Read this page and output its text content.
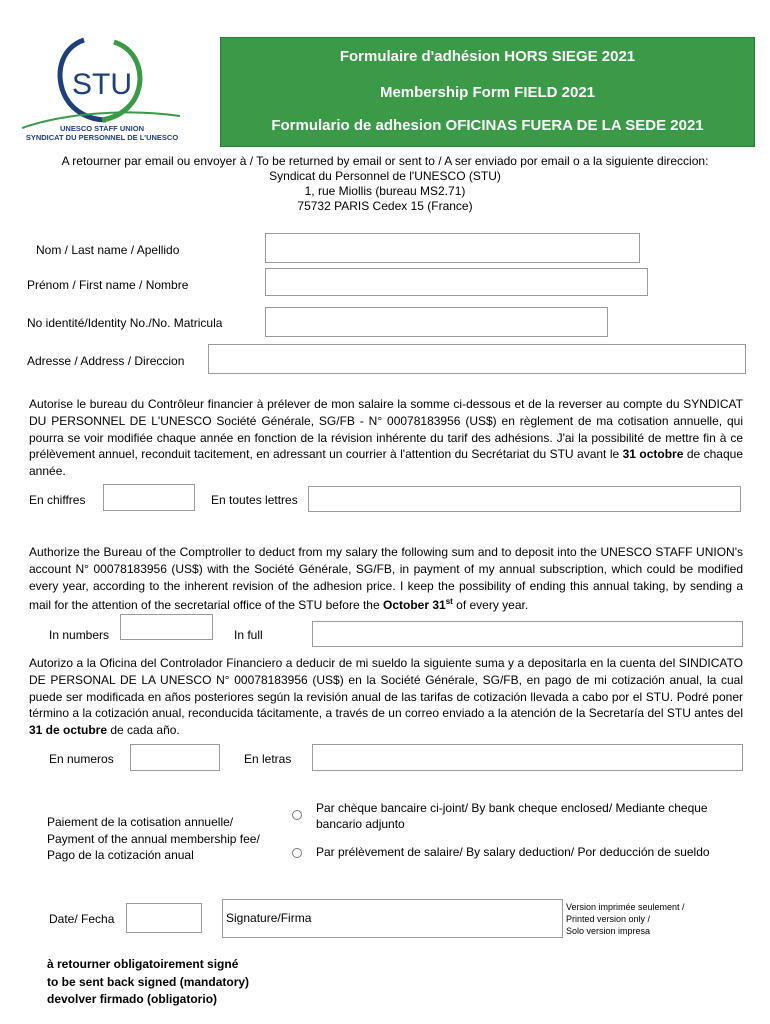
STU
UNESCO STAFF UNION
SYNDICAT DU PERSONNEL DE L'UNESCO
Formulaire d'adhésion HORS SIEGE 2021
Membership Form FIELD 2021
Formulario de adhesion OFICINAS FUERA DE LA SEDE 2021
A retourner par email ou envoyer à / To be returned by email or sent to / A ser enviado por email o a la siguiente direccion:
Syndicat du Personnel de l'UNESCO (STU)
1, rue Miollis (bureau MS2.71)
75732 PARIS Cedex 15 (France)
Nom / Last name / Apellido
Prénom / First name / Nombre
No identité/Identity No./No. Matricula
Adresse / Address / Direccion
Autorise le bureau du Contrôleur financier à prélever de mon salaire la somme ci-dessous et de la reverser au compte du SYNDICAT DU PERSONNEL DE L'UNESCO Société Générale, SG/FB - N° 00078183956 (US$) en règlement de ma cotisation annuelle, qui pourra se voir modifiée chaque année en fonction de la révision inhérente du tarif des adhésions. J'ai la possibilité de mettre fin à ce prélèvement annuel, reconduit tacitement, en adressant un courrier à l'attention du Secrétariat du STU avant le 31 octobre de chaque année.
En chiffres	En toutes lettres
Authorize the Bureau of the Comptroller to deduct from my salary the following sum and to deposit into the UNESCO STAFF UNION's account N° 00078183956 (US$) with the Société Générale, SG/FB, in payment of my annual subscription, which could be modified every year, according to the inherent revision of the adhesion price. I keep the possibility of ending this annual taking, by sending a mail for the attention of the secretarial office of the STU before the October 31st of every year.
In numbers	In full
Autorizo a la Oficina del Controlador Financiero a deducir de mi sueldo la siguiente suma y a depositarla en la cuenta del SINDICATO DE PERSONAL DE LA UNESCO N° 00078183956 (US$) en la Société Générale, SG/FB, en pago de mi cotización anual, la cual puede ser modificada en años posteriores según la revisión anual de las tarifas de cotización llevada a cabo por el STU. Podré poner término a la cotización anual, reconducida tácitamente, a través de un correo enviado a la atención de la Secretaría del STU antes del 31 de octubre de cada año.
En numeros	En letras
Paiement de la cotisation annuelle/
Payment of the annual membership fee/
Pago de la cotización anual
Par chèque bancaire ci-joint/ By bank cheque enclosed/ Mediante cheque bancario adjunto
Par prélèvement de salaire/ By salary deduction/ Por deducción de sueldo
Date/ Fecha	Signature/Firma
Version imprimée seulement /
Printed version only /
Solo version impresa
à retourner obligatoirement signé
to be sent back signed (mandatory)
devolver firmado (obligatorio)
